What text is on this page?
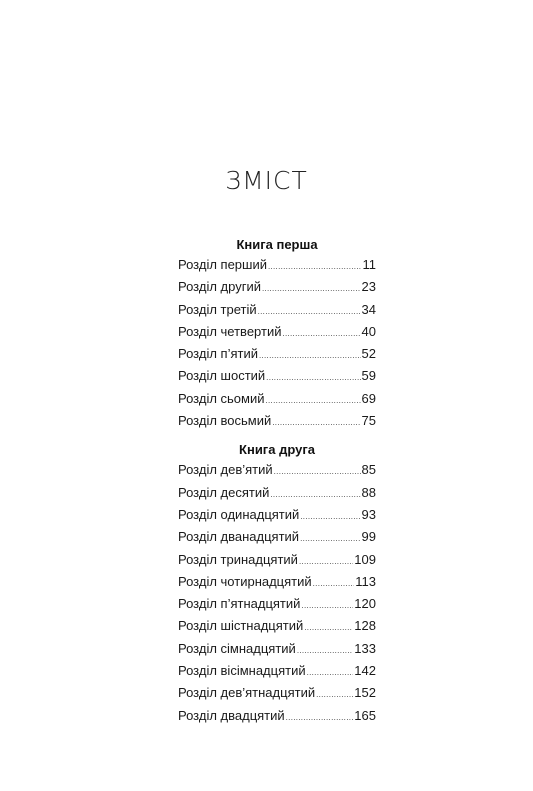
ЗМІСТ
Книга перша
Розділ перший .....	11
Розділ другий .....	23
Розділ третій .....	34
Розділ четвертий .....	40
Розділ п’ятий .....	52
Розділ шостий .....	59
Розділ сьомий .....	69
Розділ восьмий .....	75
Книга друга
Розділ дев’ятий .....	85
Розділ десятий .....	88
Розділ одинадцятий .....	93
Розділ дванадцятий .....	99
Розділ тринадцятий .....	109
Розділ чотирнадцятий .....	113
Розділ п’ятнадцятий .....	120
Розділ шістнадцятий .....	128
Розділ сімнадцятий .....	133
Розділ вісімнадцятий .....	142
Розділ дев’ятнадцятий .....	152
Розділ двадцятий .....	165
